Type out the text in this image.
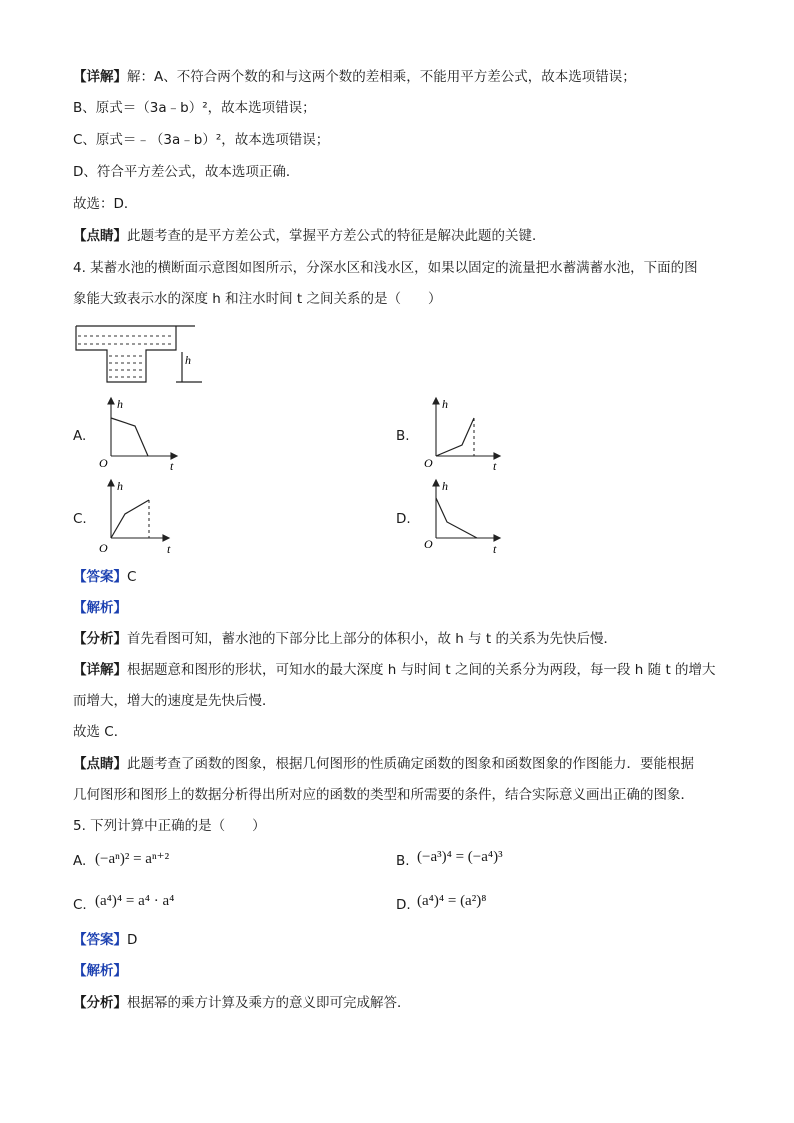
【详解】解：A、不符合两个数的和与这两个数的差相乘，不能用平方差公式，故本选项错误；
B、原式＝（3a﹣b）²，故本选项错误；
C、原式＝﹣（3a﹣b）²，故本选项错误；
D、符合平方差公式，故本选项正确．
故选：D．
【点睛】此题考查的是平方差公式，掌握平方差公式的特征是解决此题的关键．
4. 某蓄水池的横断面示意图如图所示，分深水区和浅水区，如果以固定的流量把水蓄满蓄水池，下面的图
象能大致表示水的深度 h 和注水时间 t 之间关系的是（　　）
h
A.
h
t
O
B.
h
t
O
C.
h
t
O
D.
h
t
O
【答案】C
【解析】
【分析】首先看图可知，蓄水池的下部分比上部分的体积小，故 h 与 t 的关系为先快后慢．
【详解】根据题意和图形的形状，可知水的最大深度 h 与时间 t 之间的关系分为两段，每一段 h 随 t 的增大
而增大，增大的速度是先快后慢．
故选 C．
【点睛】此题考查了函数的图象，根据几何图形的性质确定函数的图象和函数图象的作图能力．要能根据
几何图形和图形上的数据分析得出所对应的函数的类型和所需要的条件，结合实际意义画出正确的图象．
5. 下列计算中正确的是（　　）
A. (−aⁿ)² = aⁿ⁺²	B. (−a³)⁴ = (−a⁴)³
C. (a⁴)⁴ = a⁴ · a⁴	D. (a⁴)⁴ = (a²)⁸
【答案】D
【解析】
【分析】根据幂的乘方计算及乘方的意义即可完成解答．
